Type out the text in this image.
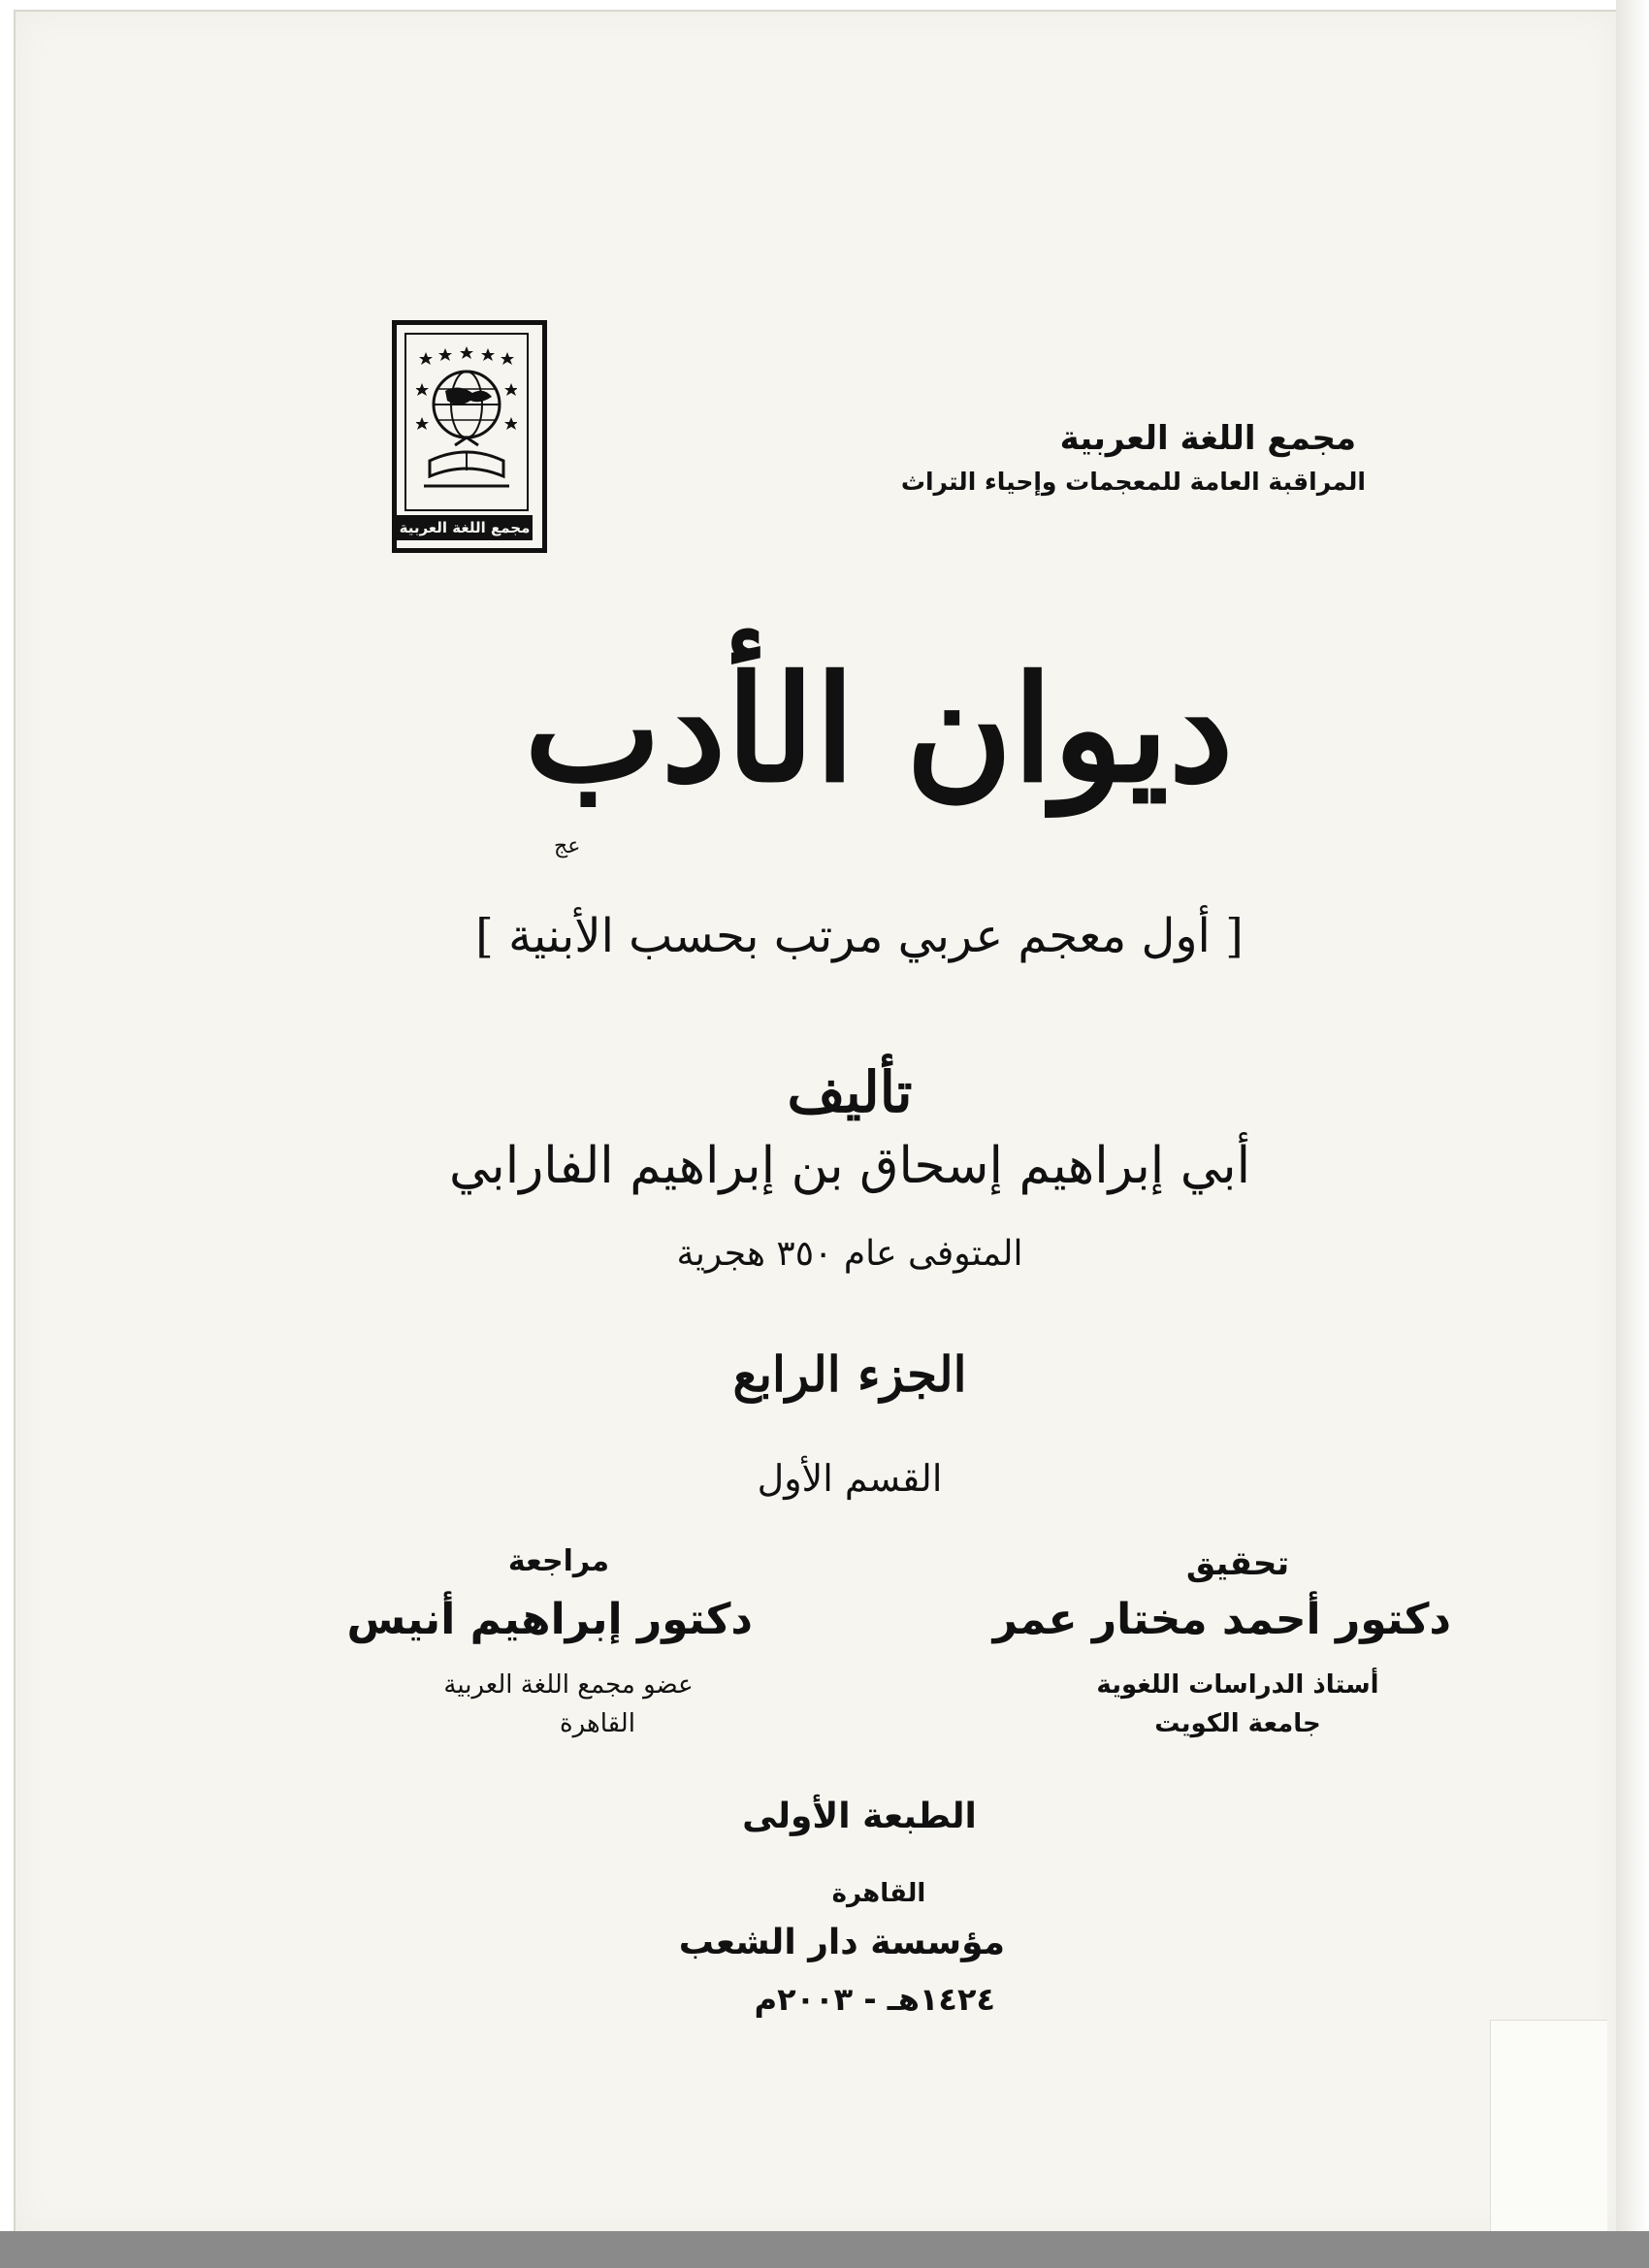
مجمع اللغة العربية
مجمع اللغة العربية
المراقبة العامة للمعجمات وإحياء التراث
ديوان الأدب
عج
[ أول معجم عربي مرتب بحسب الأبنية ]
تأليف
أبي إبراهيم إسحاق بن إبراهيم الفارابي
المتوفى عام ٣٥٠ هجرية
الجزء الرابع
القسم الأول
تحقيق
دكتور أحمد مختار عمر
أستاذ الدراسات اللغوية
جامعة الكويت
مراجعة
دكتور إبراهيم أنيس
عضو مجمع اللغة العربية
القاهرة
الطبعة الأولى
القاهرة
مؤسسة دار الشعب
١٤٢٤هـ - ٢٠٠٣م
